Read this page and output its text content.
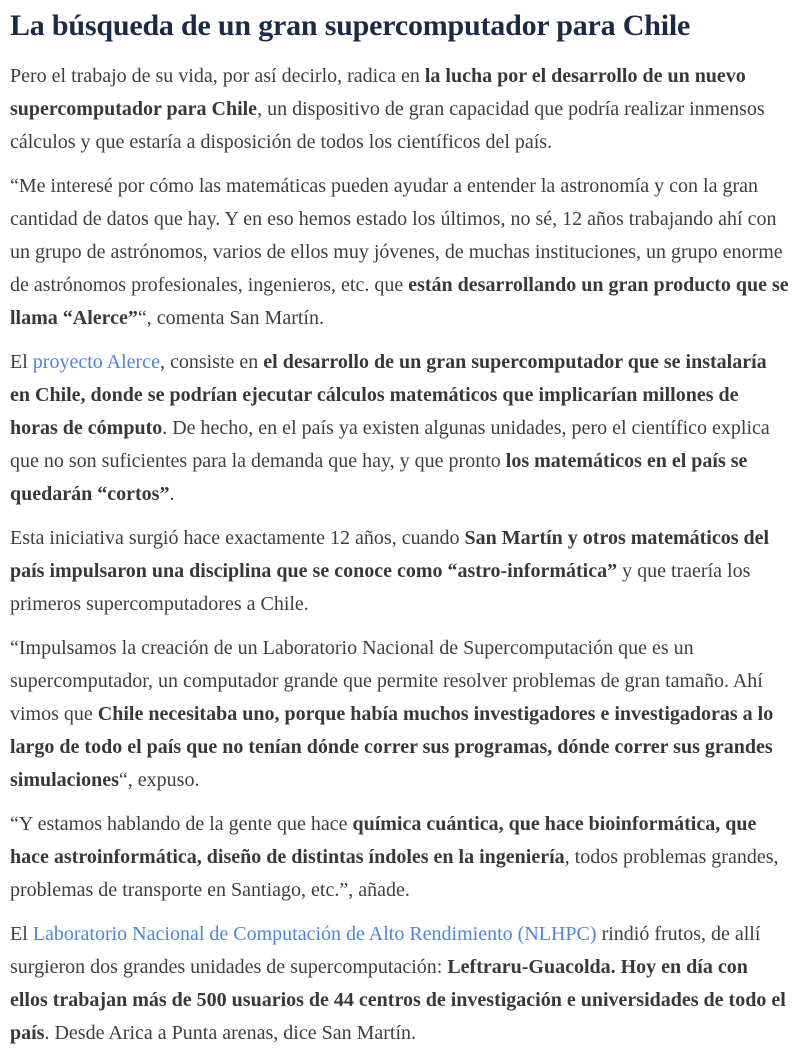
La búsqueda de un gran supercomputador para Chile

Pero el trabajo de su vida, por así decirlo, radica en la lucha por el desarrollo de un nuevo supercomputador para Chile, un dispositivo de gran capacidad que podría realizar inmensos cálculos y que estaría a disposición de todos los científicos del país.

“Me interesé por cómo las matemáticas pueden ayudar a entender la astronomía y con la gran cantidad de datos que hay. Y en eso hemos estado los últimos, no sé, 12 años trabajando ahí con un grupo de astrónomos, varios de ellos muy jóvenes, de muchas instituciones, un grupo enorme de astrónomos profesionales, ingenieros, etc. que están desarrollando un gran producto que se llama “Alerce”“, comenta San Martín.

El proyecto Alerce, consiste en el desarrollo de un gran supercomputador que se instalaría en Chile, donde se podrían ejecutar cálculos matemáticos que implicarían millones de horas de cómputo. De hecho, en el país ya existen algunas unidades, pero el científico explica que no son suficientes para la demanda que hay, y que pronto los matemáticos en el país se quedarán “cortos”.

Esta iniciativa surgió hace exactamente 12 años, cuando San Martín y otros matemáticos del país impulsaron una disciplina que se conoce como “astro-informática” y que traería los primeros supercomputadores a Chile.

“Impulsamos la creación de un Laboratorio Nacional de Supercomputación que es un supercomputador, un computador grande que permite resolver problemas de gran tamaño. Ahí vimos que Chile necesitaba uno, porque había muchos investigadores e investigadoras a lo largo de todo el país que no tenían dónde correr sus programas, dónde correr sus grandes simulaciones“, expuso.

“Y estamos hablando de la gente que hace química cuántica, que hace bioinformática, que hace astroinformática, diseño de distintas índoles en la ingeniería, todos problemas grandes, problemas de transporte en Santiago, etc.”, añade.

El Laboratorio Nacional de Computación de Alto Rendimiento (NLHPC) rindió frutos, de allí surgieron dos grandes unidades de supercomputación: Leftraru-Guacolda. Hoy en día con ellos trabajan más de 500 usuarios de 44 centros de investigación e universidades de todo el país. Desde Arica a Punta arenas, dice San Martín.
